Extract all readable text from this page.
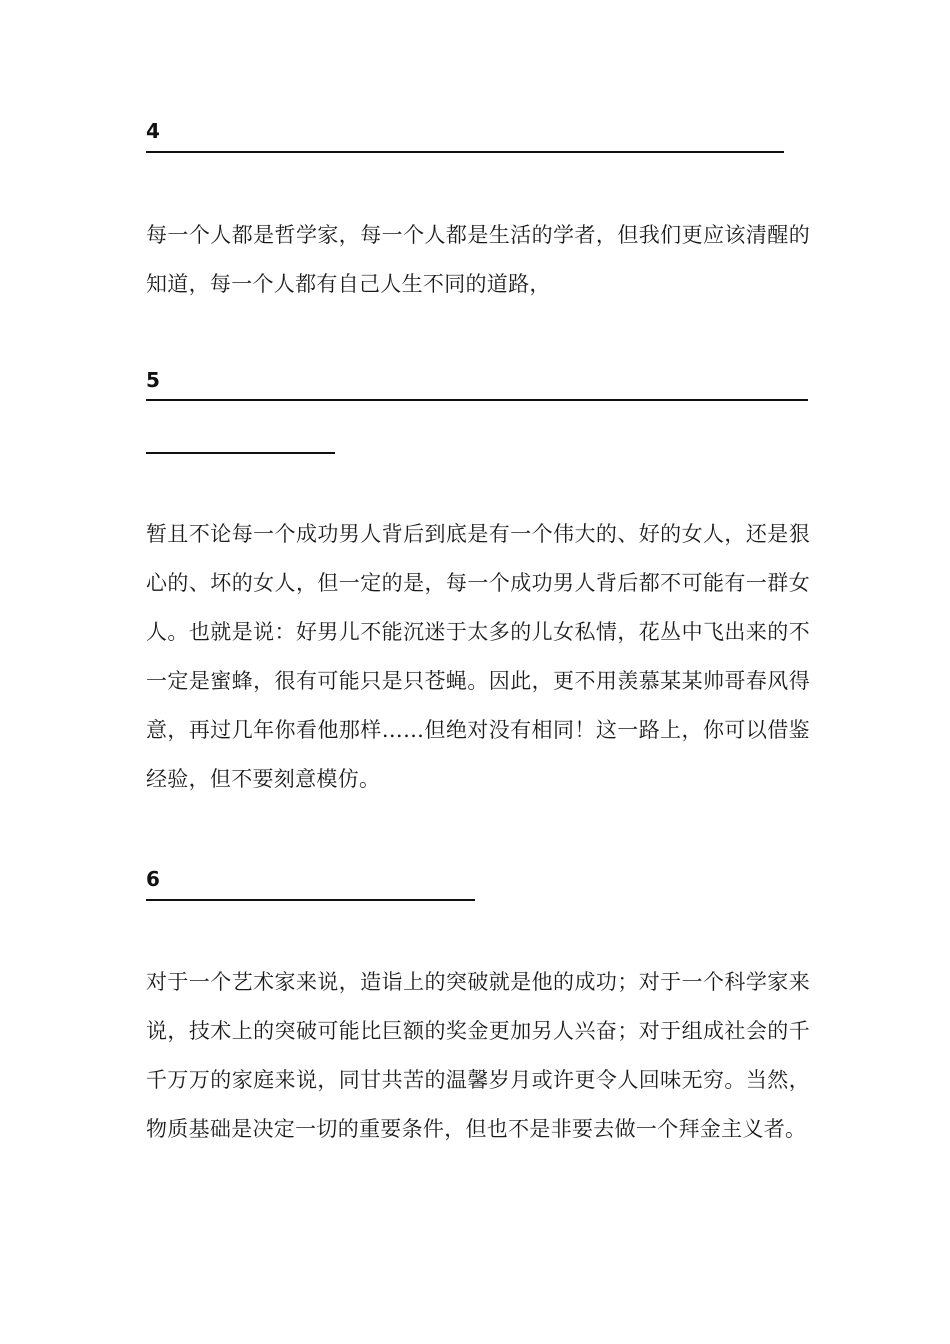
4
每一个人都是哲学家，每一个人都是生活的学者，但我们更应该清醒的知道，每一个人都有自己人生不同的道路，
5
暂且不论每一个成功男人背后到底是有一个伟大的、好的女人，还是狠心的、坏的女人，但一定的是，每一个成功男人背后都不可能有一群女人。也就是说：好男儿不能沉迷于太多的儿女私情，花丛中飞出来的不一定是蜜蜂，很有可能只是只苍蝇。因此，更不用羡慕某某帅哥春风得意，再过几年你看他那样……但绝对没有相同！这一路上，你可以借鉴经验，但不要刻意模仿。
6
对于一个艺术家来说，造诣上的突破就是他的成功；对于一个科学家来说，技术上的突破可能比巨额的奖金更加另人兴奋；对于组成社会的千千万万的家庭来说，同甘共苦的温馨岁月或许更令人回味无穷。当然，物质基础是决定一切的重要条件，但也不是非要去做一个拜金主义者。
